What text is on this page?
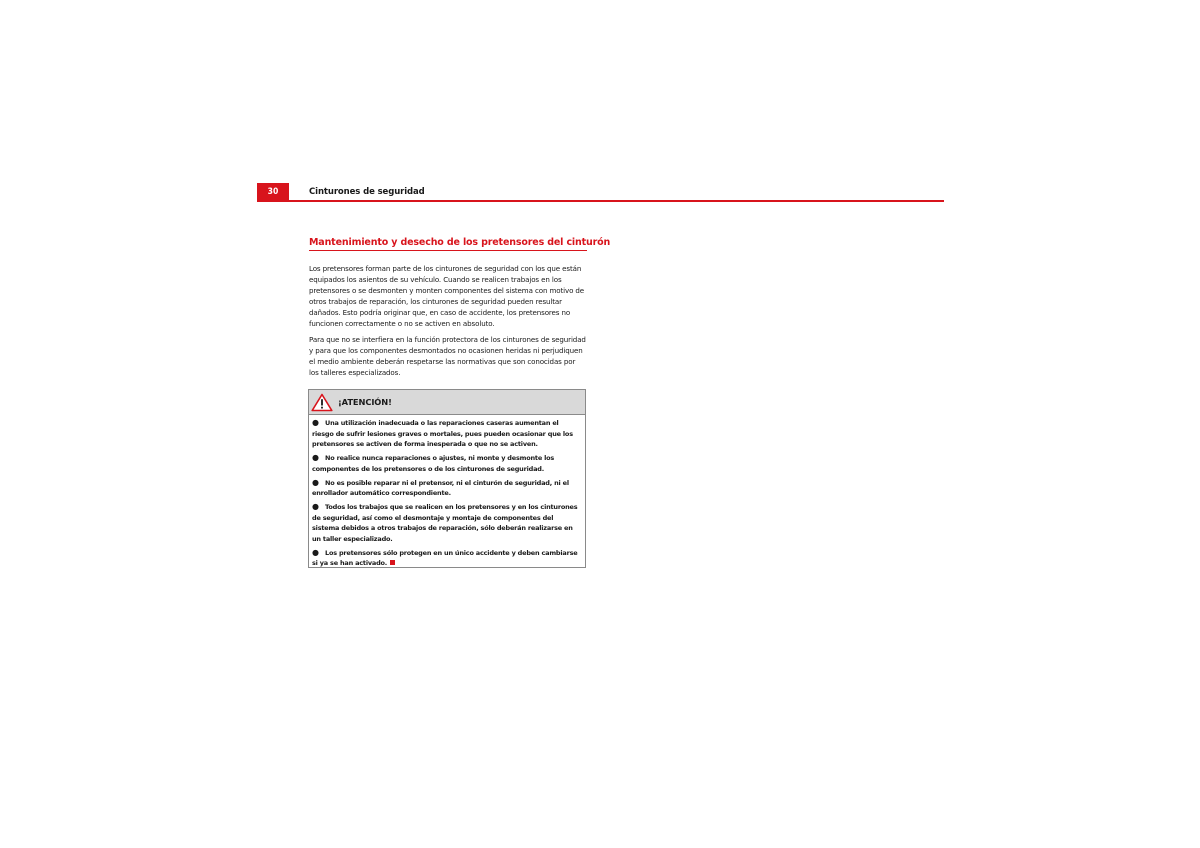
30	Cinturones de seguridad
Mantenimiento y desecho de los pretensores del cinturón

Los pretensores forman parte de los cinturones de seguridad con los que están equipados los asientos de su vehículo. Cuando se realicen trabajos en los pretensores o se desmonten y monten componentes del sistema con motivo de otros trabajos de reparación, los cinturones de seguridad pueden resultar dañados. Esto podría originar que, en caso de accidente, los pretensores no funcionen correctamente o no se activen en absoluto.

Para que no se interfiera en la función protectora de los cinturones de seguridad y para que los componentes desmontados no ocasionen heridas ni perjudiquen el medio ambiente deberán respetarse las normativas que son conocidas por los talleres especializados.

¡ATENCIÓN!
● Una utilización inadecuada o las reparaciones caseras aumentan el riesgo de sufrir lesiones graves o mortales, pues pueden ocasionar que los pretensores se activen de forma inesperada o que no se activen.
● No realice nunca reparaciones o ajustes, ni monte y desmonte los componentes de los pretensores o de los cinturones de seguridad.
● No es posible reparar ni el pretensor, ni el cinturón de seguridad, ni el enrollador automático correspondiente.
● Todos los trabajos que se realicen en los pretensores y en los cinturones de seguridad, así como el desmontaje y montaje de componentes del sistema debidos a otros trabajos de reparación, sólo deberán realizarse en un taller especializado.
● Los pretensores sólo protegen en un único accidente y deben cambiarse si ya se han activado.
